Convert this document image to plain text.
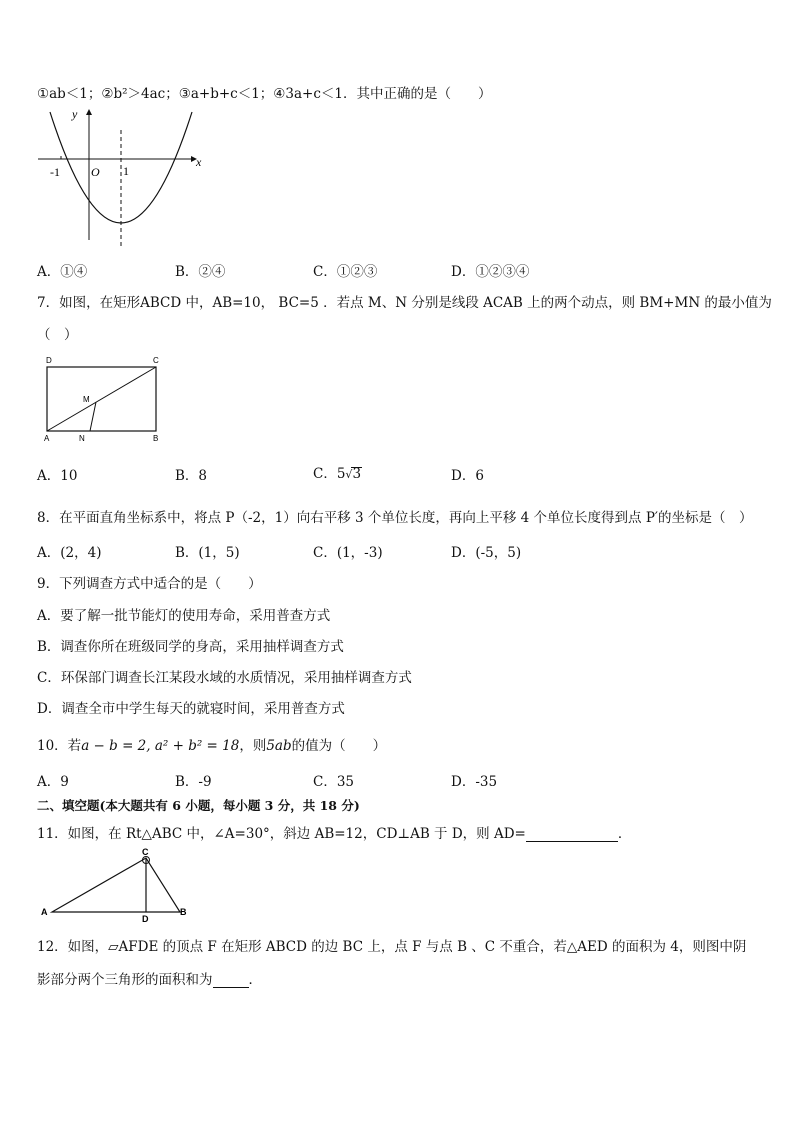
①ab＜1；②b²＞4ac；③a+b+c＜1；④3a+c＜1．其中正确的是（　　）
y
x
-1	O 1
A．①④	B．②④	C．①②③	D．①②③④
7．如图，在矩形ABCD 中，AB=10， BC=5 ．若点 M、N 分别是线段 ACAB 上的两个动点，则 BM+MN 的最小值为
（　）
D	C
M
A	N	B
A．10	B．8	C．5√3	D．6
8．在平面直角坐标系中，将点 P（-2，1）向右平移 3 个单位长度，再向上平移 4 个单位长度得到点 P′的坐标是（　）
A．(2，4)	B．(1，5)	C．(1，-3)	D．(-5，5)
9．下列调查方式中适合的是（　　）
A．要了解一批节能灯的使用寿命，采用普查方式
B．调查你所在班级同学的身高，采用抽样调查方式
C．环保部门调查长江某段水域的水质情况，采用抽样调查方式
D．调查全市中学生每天的就寝时间，采用普查方式
10．若a − b = 2, a² + b² = 18，则5ab的值为（　　）
A．9	B．-9	C．35	D．-35
二、填空题(本大题共有 6 小题，每小题 3 分，共 18 分)
11．如图，在 Rt△ABC 中，∠A=30°，斜边 AB=12，CD⊥AB 于 D，则 AD=	．
C
A
D
B
12．如图，▱AFDE 的顶点 F 在矩形 ABCD 的边 BC 上，点 F 与点 B 、C 不重合，若△AED 的面积为 4，则图中阴
影部分两个三角形的面积和为	．
